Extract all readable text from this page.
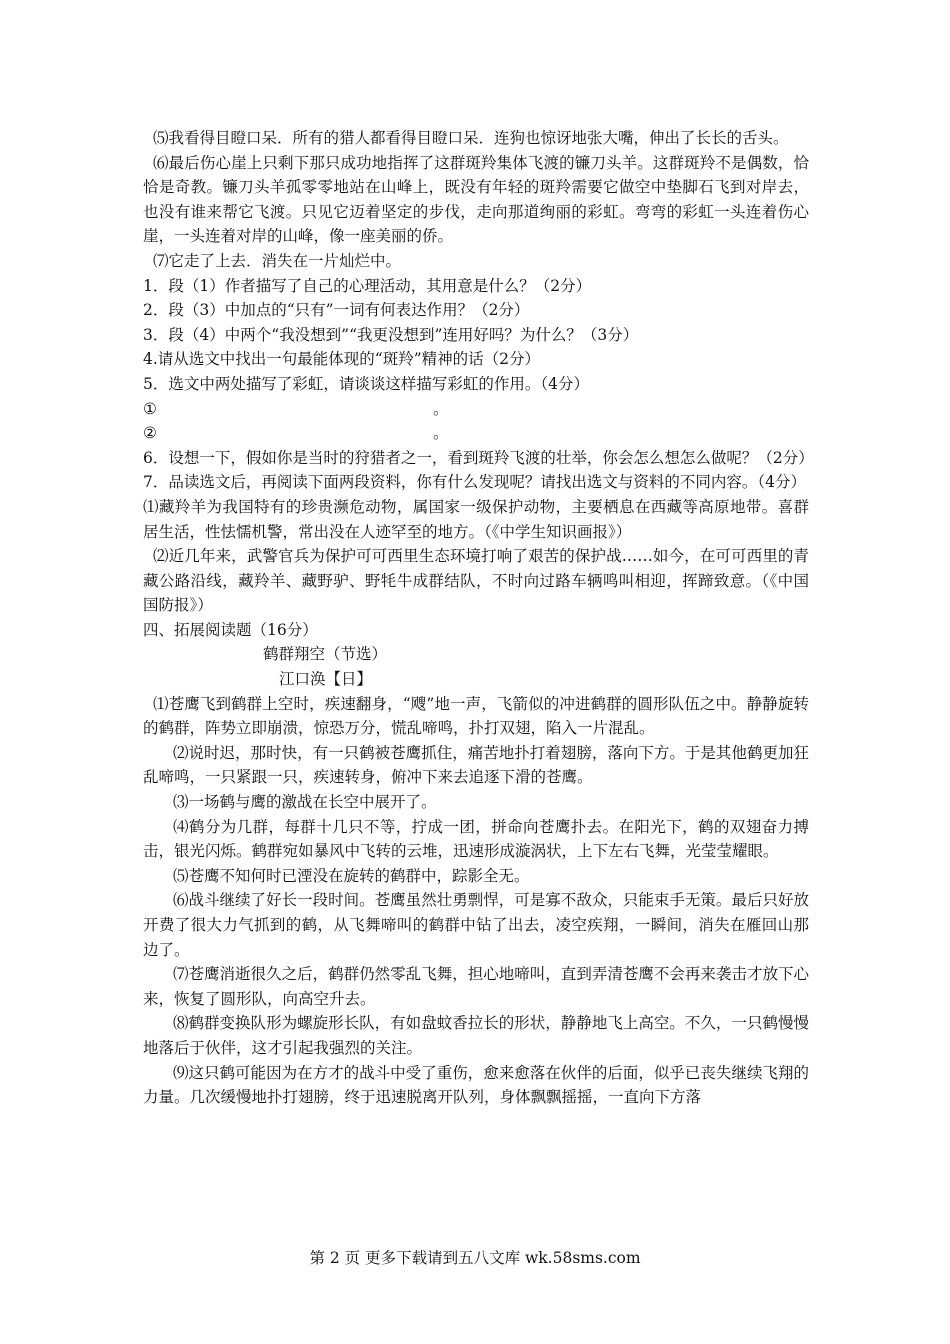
⑸我看得目瞪口呆．所有的猎人都看得目瞪口呆．连狗也惊讶地张大嘴，伸出了长长的舌头。

⑹最后伤心崖上只剩下那只成功地指挥了这群斑羚集体飞渡的镰刀头羊。这群斑羚不是偶数，恰恰是奇教。镰刀头羊孤零零地站在山峰上，既没有年轻的斑羚需要它做空中垫脚石飞到对岸去，也没有谁来帮它飞渡。只见它迈着坚定的步伐，走向那道绚丽的彩虹。弯弯的彩虹一头连着伤心崖，一头连着对岸的山峰，像一座美丽的侨。

⑺它走了上去．消失在一片灿烂中。

1．段（1）作者描写了自己的心理活动，其用意是什么？（2分）

2．段（3）中加点的“只有”一词有何表达作用？（2分）

3．段（4）中两个“我没想到”“我更没想到”连用好吗？为什么？（3分）

4.请从选文中找出一句最能体现的“斑羚”精神的话（2分）

5．选文中两处描写了彩虹，请谈谈这样描写彩虹的作用。（4分）

①	。
②	。

6．设想一下，假如你是当时的狩猎者之一，看到斑羚飞渡的壮举，你会怎么想怎么做呢？（2分）

7．品读选文后，再阅读下面两段资料，你有什么发现呢？请找出选文与资料的不同内容。（4分）

⑴藏羚羊为我国特有的珍贵濒危动物，属国家一级保护动物，主要栖息在西藏等高原地带。喜群居生活，性怯懦机警，常出没在人迹罕至的地方。（《中学生知识画报》）

⑵近几年来，武警官兵为保护可可西里生态环境打响了艰苦的保护战……如今，在可可西里的青藏公路沿线，藏羚羊、藏野驴、野牦牛成群结队，不时向过路车辆鸣叫相迎，挥蹄致意。（《中国国防报》）

四、拓展阅读题（16分）

鹤群翔空（节选）

江口涣【日】

⑴苍鹰飞到鹤群上空时，疾速翻身，“飕”地一声，飞箭似的冲进鹤群的圆形队伍之中。静静旋转的鹤群，阵势立即崩溃，惊恐万分，慌乱啼鸣，扑打双翅，陷入一片混乱。

⑵说时迟，那时快，有一只鹤被苍鹰抓住，痛苦地扑打着翅膀，落向下方。于是其他鹤更加狂乱啼鸣，一只紧跟一只，疾速转身，俯冲下来去追逐下滑的苍鹰。

⑶一场鹤与鹰的激战在长空中展开了。

⑷鹤分为几群，每群十几只不等，拧成一团，拼命向苍鹰扑去。在阳光下，鹤的双翅奋力搏击，银光闪烁。鹤群宛如暴风中飞转的云堆，迅速形成漩涡状，上下左右飞舞，光莹莹耀眼。

⑸苍鹰不知何时已湮没在旋转的鹤群中，踪影全无。

⑹战斗继续了好长一段时间。苍鹰虽然壮勇剽悍，可是寡不敌众，只能束手无策。最后只好放开费了很大力气抓到的鹤，从飞舞啼叫的鹤群中钻了出去，凌空疾翔，一瞬间，消失在雁回山那边了。

⑺苍鹰消逝很久之后，鹤群仍然零乱飞舞，担心地啼叫，直到弄清苍鹰不会再来袭击才放下心来，恢复了圆形队，向高空升去。

⑻鹤群变换队形为螺旋形长队，有如盘蚊香拉长的形状，静静地飞上高空。不久，一只鹤慢慢地落后于伙伴，这才引起我强烈的关注。

⑼这只鹤可能因为在方才的战斗中受了重伤，愈来愈落在伙伴的后面，似乎已丧失继续飞翔的力量。几次缓慢地扑打翅膀，终于迅速脱离开队列，身体飘飘摇摇，一直向下方落

第 2 页 更多下载请到五八文库 wk.58sms.com
